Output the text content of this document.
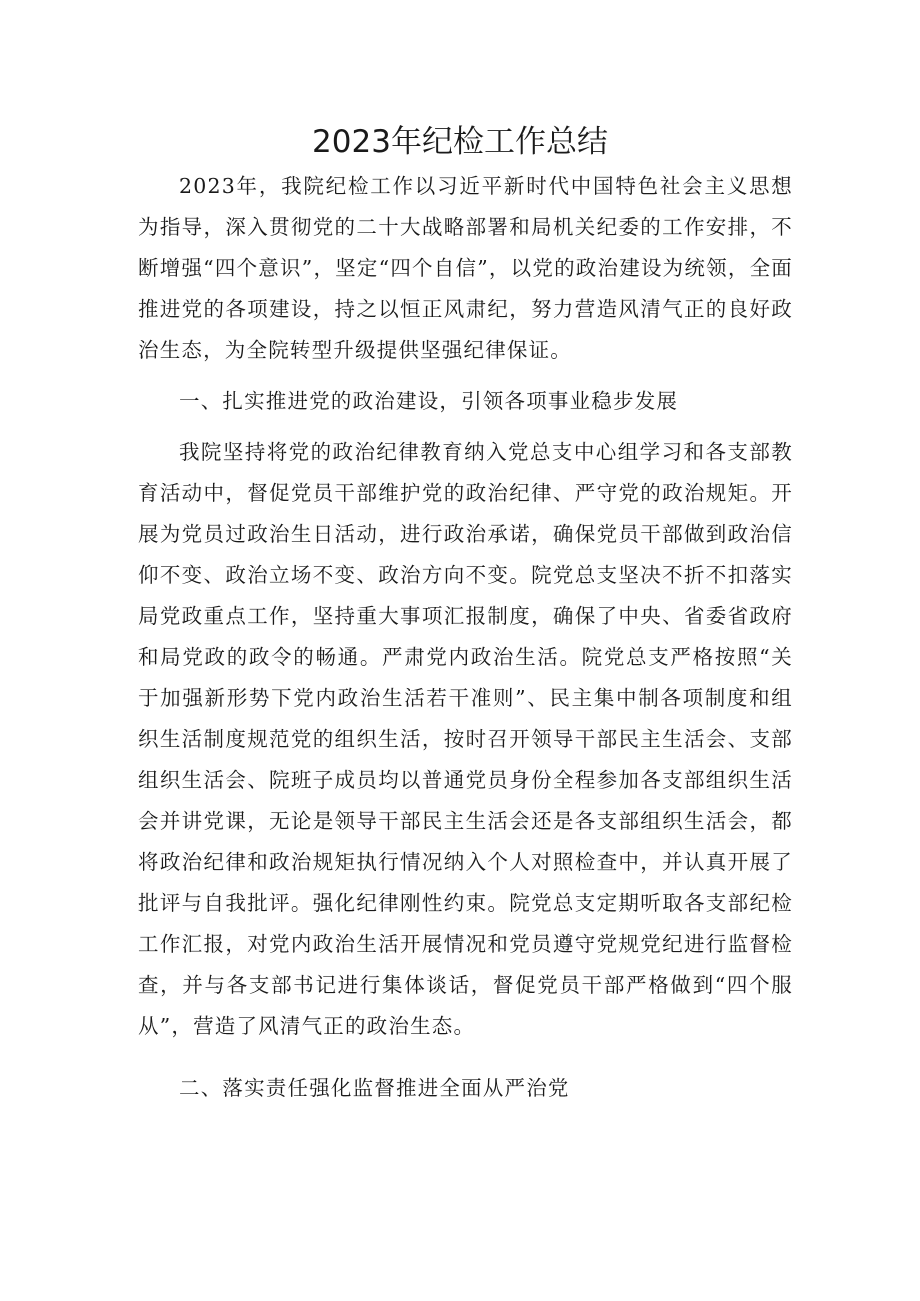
2023年纪检工作总结

2023年，我院纪检工作以习近平新时代中国特色社会主义思想为指导，深入贯彻党的二十大战略部署和局机关纪委的工作安排，不断增强“四个意识”，坚定“四个自信”，以党的政治建设为统领，全面推进党的各项建设，持之以恒正风肃纪，努力营造风清气正的良好政治生态，为全院转型升级提供坚强纪律保证。

一、扎实推进党的政治建设，引领各项事业稳步发展

我院坚持将党的政治纪律教育纳入党总支中心组学习和各支部教育活动中，督促党员干部维护党的政治纪律、严守党的政治规矩。开展为党员过政治生日活动，进行政治承诺，确保党员干部做到政治信仰不变、政治立场不变、政治方向不变。院党总支坚决不折不扣落实局党政重点工作，坚持重大事项汇报制度，确保了中央、省委省政府和局党政的政令的畅通。严肃党内政治生活。院党总支严格按照“关于加强新形势下党内政治生活若干准则”、民主集中制各项制度和组织生活制度规范党的组织生活，按时召开领导干部民主生活会、支部组织生活会、院班子成员均以普通党员身份全程参加各支部组织生活会并讲党课，无论是领导干部民主生活会还是各支部组织生活会，都将政治纪律和政治规矩执行情况纳入个人对照检查中，并认真开展了批评与自我批评。强化纪律刚性约束。院党总支定期听取各支部纪检工作汇报，对党内政治生活开展情况和党员遵守党规党纪进行监督检查，并与各支部书记进行集体谈话，督促党员干部严格做到“四个服从”，营造了风清气正的政治生态。

二、落实责任强化监督推进全面从严治党
